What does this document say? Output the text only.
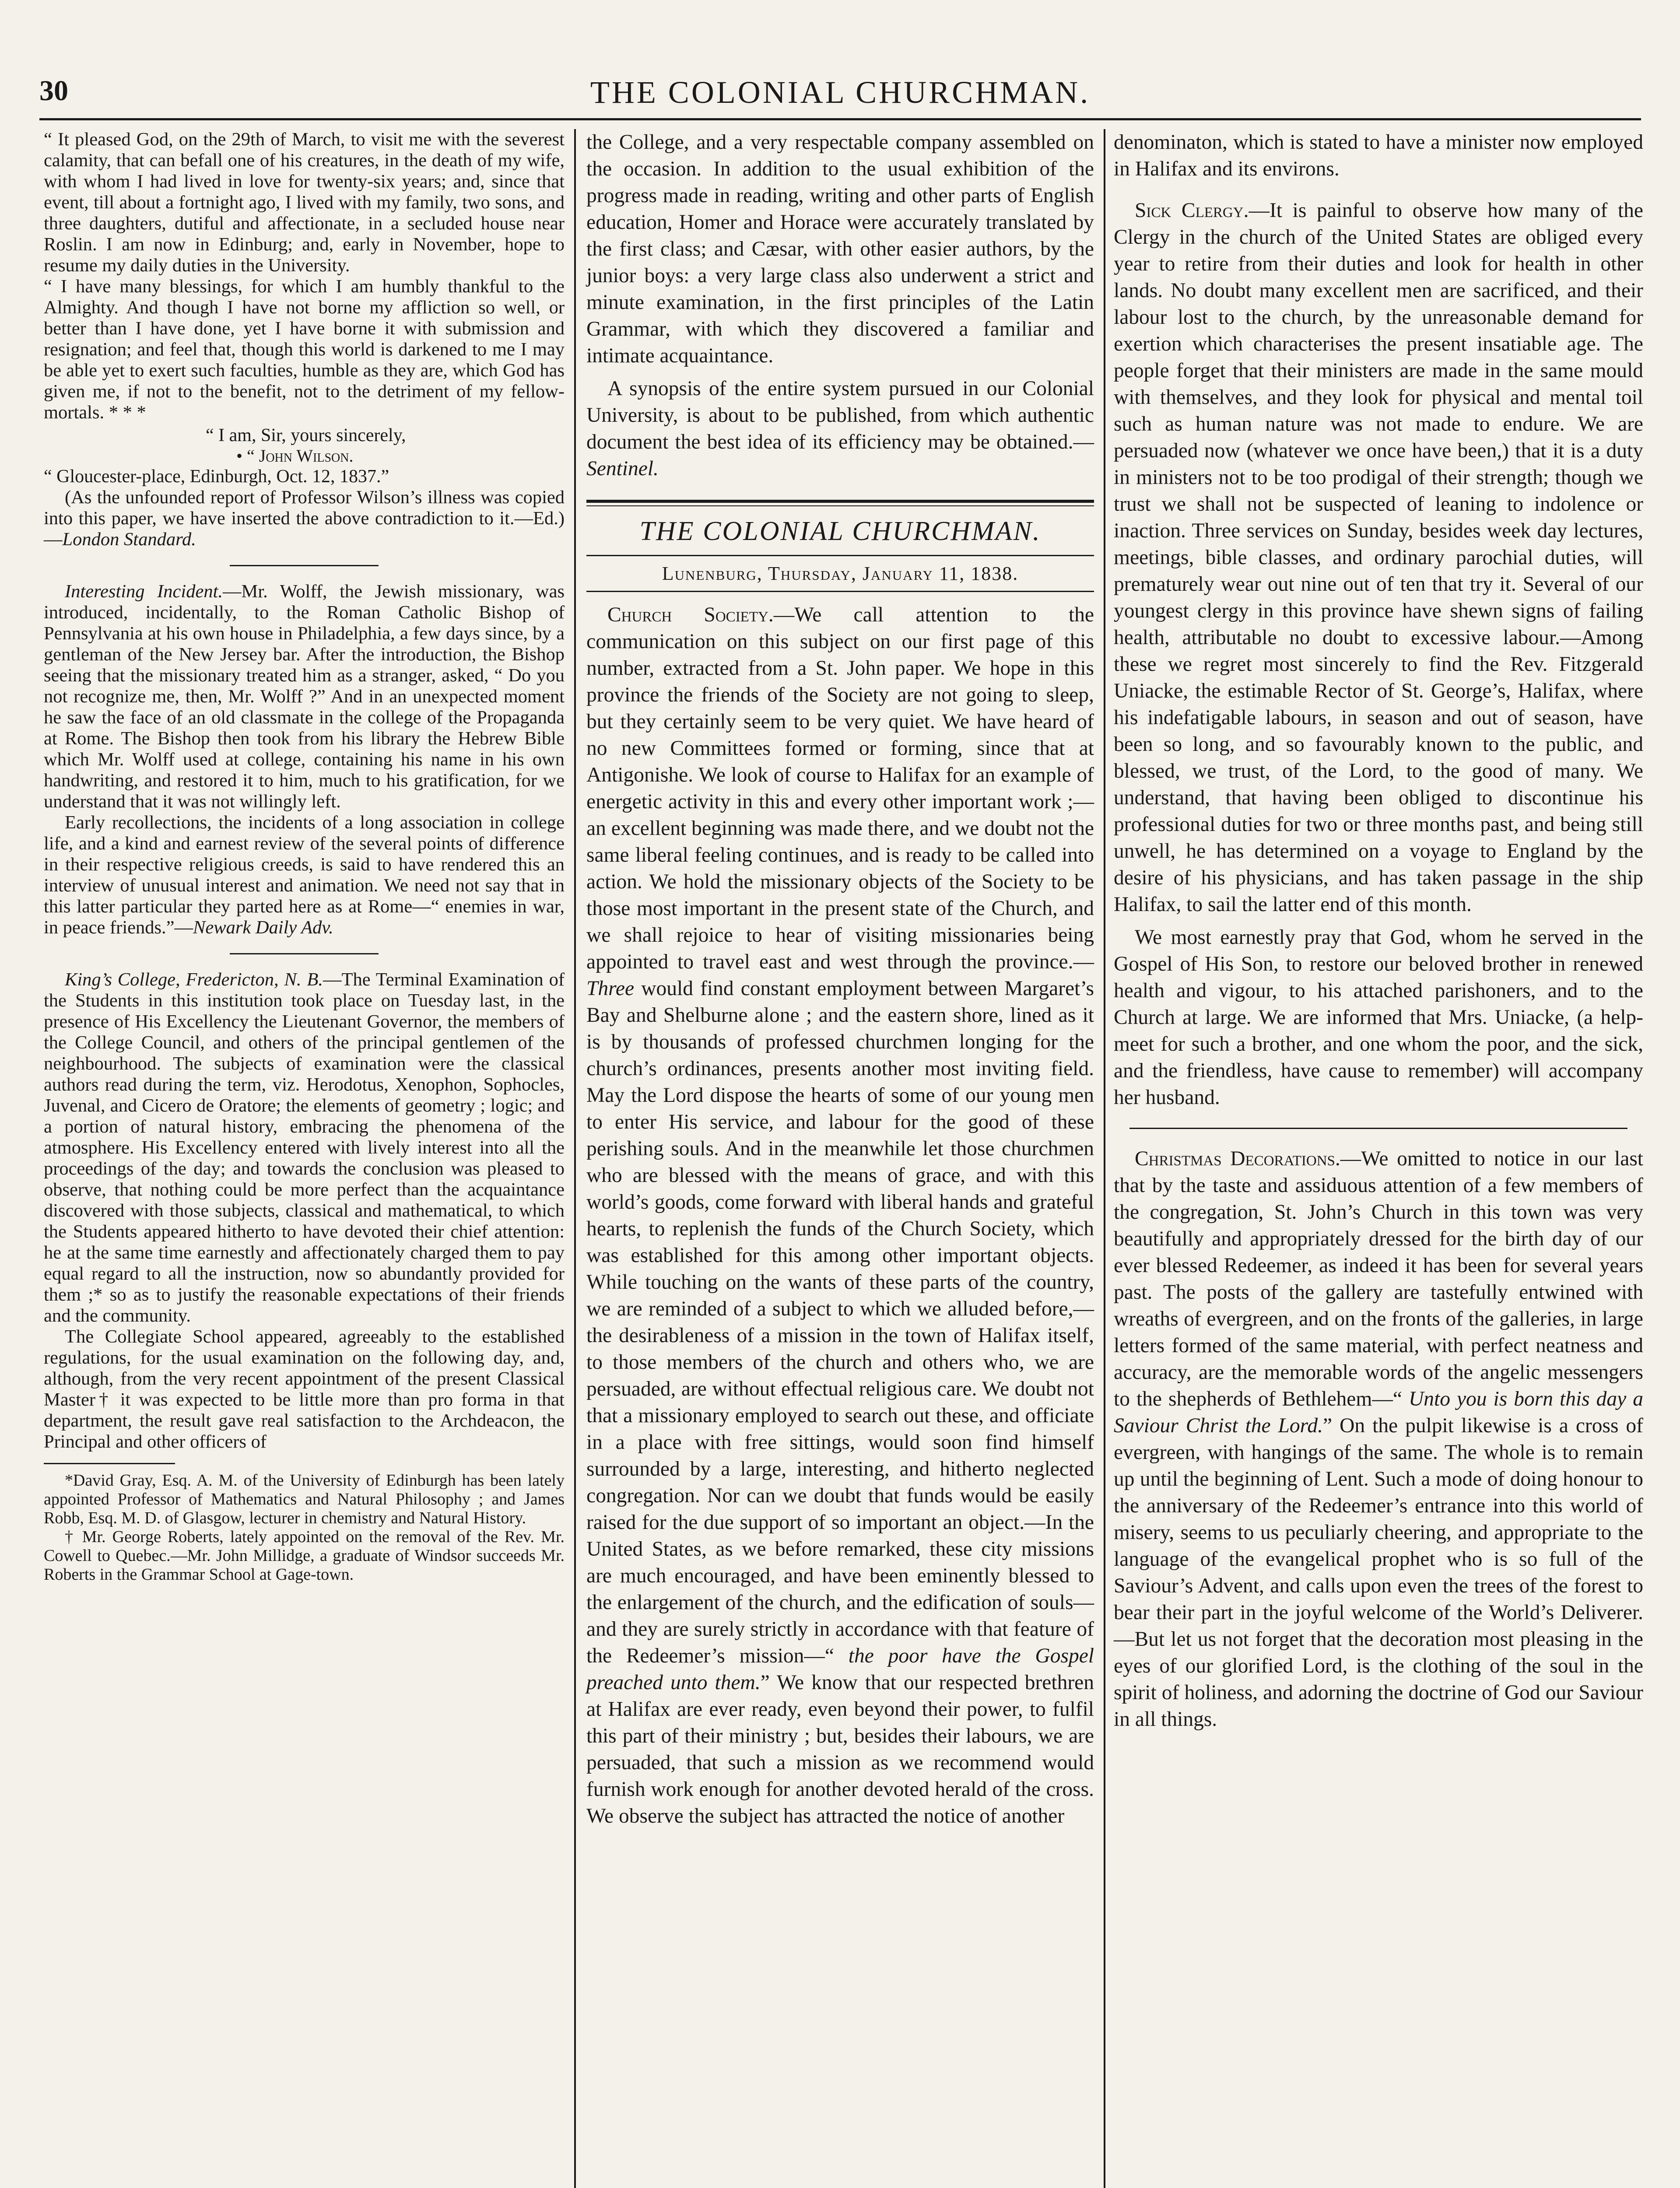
30	THE COLONIAL CHURCHMAN.

“ It pleased God, on the 29th of March, to visit me with the severest calamity, that can befall one of his creatures, in the death of my wife, with whom I had lived in love for twenty-six years; and, since that event, till about a fortnight ago, I lived with my family, two sons, and three daughters, dutiful and affectionate, in a secluded house near Roslin. I am now in Edinburg; and, early in November, hope to resume my daily duties in the University.

“ I have many blessings, for which I am humbly thankful to the Almighty. And though I have not borne my affliction so well, or better than I have done, yet I have borne it with submission and resignation; and feel that, though this world is darkened to me I may be able yet to exert such faculties, humble as they are, which God has given me, if not to the benefit, not to the detriment of my fellow-mortals. * * *

“ I am, Sir, yours sincerely,

• “ John Wilson.

“ Gloucester-place, Edinburgh, Oct. 12, 1837.”

(As the unfounded report of Professor Wilson’s illness was copied into this paper, we have inserted the above contradiction to it.—Ed.)—London Standard.

Interesting Incident.—Mr. Wolff, the Jewish missionary, was introduced, incidentally, to the Roman Catholic Bishop of Pennsylvania at his own house in Philadelphia, a few days since, by a gentleman of the New Jersey bar. After the introduction, the Bishop seeing that the missionary treated him as a stranger, asked, “ Do you not recognize me, then, Mr. Wolff ?” And in an unexpected moment he saw the face of an old classmate in the college of the Propaganda at Rome. The Bishop then took from his library the Hebrew Bible which Mr. Wolff used at college, containing his name in his own handwriting, and restored it to him, much to his gratification, for we understand that it was not willingly left.

Early recollections, the incidents of a long association in college life, and a kind and earnest review of the several points of difference in their respective religious creeds, is said to have rendered this an interview of unusual interest and animation. We need not say that in this latter particular they parted here as at Rome—“ enemies in war, in peace friends.”—Newark Daily Adv.

King’s College, Fredericton, N. B.—The Terminal Examination of the Students in this institution took place on Tuesday last, in the presence of His Excellency the Lieutenant Governor, the members of the College Council, and others of the principal gentlemen of the neighbourhood. The subjects of examination were the classical authors read during the term, viz. Herodotus, Xenophon, Sophocles, Juvenal, and Cicero de Oratore; the elements of geometry ; logic; and a portion of natural history, embracing the phenomena of the atmosphere. His Excellency entered with lively interest into all the proceedings of the day; and towards the conclusion was pleased to observe, that nothing could be more perfect than the acquaintance discovered with those subjects, classical and mathematical, to which the Students appeared hitherto to have devoted their chief attention: he at the same time earnestly and affectionately charged them to pay equal regard to all the instruction, now so abundantly provided for them ;* so as to justify the reasonable expectations of their friends and the community.

The Collegiate School appeared, agreeably to the established regulations, for the usual examination on the following day, and, although, from the very recent appointment of the present Classical Master† it was expected to be little more than pro forma in that department, the result gave real satisfaction to the Archdeacon, the Principal and other officers of

*David Gray, Esq. A. M. of the University of Edinburgh has been lately appointed Professor of Mathematics and Natural Philosophy ; and James Robb, Esq. M. D. of Glasgow, lecturer in chemistry and Natural History.

† Mr. George Roberts, lately appointed on the removal of the Rev. Mr. Cowell to Quebec.—Mr. John Millidge, a graduate of Windsor succeeds Mr. Roberts in the Grammar School at Gage-town.

the College, and a very respectable company assembled on the occasion. In addition to the usual exhibition of the progress made in reading, writing and other parts of English education, Homer and Horace were accurately translated by the first class; and Cæsar, with other easier authors, by the junior boys: a very large class also underwent a strict and minute examination, in the first principles of the Latin Grammar, with which they discovered a familiar and intimate acquaintance.

A synopsis of the entire system pursued in our Colonial University, is about to be published, from which authentic document the best idea of its efficiency may be obtained.—Sentinel.

THE COLONIAL CHURCHMAN.
Lunenburg, Thursday, January 11, 1838.

Church Society.—We call attention to the communication on this subject on our first page of this number, extracted from a St. John paper. We hope in this province the friends of the Society are not going to sleep, but they certainly seem to be very quiet. We have heard of no new Committees formed or forming, since that at Antigonishe. We look of course to Halifax for an example of energetic activity in this and every other important work ;—an excellent beginning was made there, and we doubt not the same liberal feeling continues, and is ready to be called into action. We hold the missionary objects of the Society to be those most important in the present state of the Church, and we shall rejoice to hear of visiting missionaries being appointed to travel east and west through the province.—Three would find constant employment between Margaret’s Bay and Shelburne alone ; and the eastern shore, lined as it is by thousands of professed churchmen longing for the church’s ordinances, presents another most inviting field. May the Lord dispose the hearts of some of our young men to enter His service, and labour for the good of these perishing souls. And in the meanwhile let those churchmen who are blessed with the means of grace, and with this world’s goods, come forward with liberal hands and grateful hearts, to replenish the funds of the Church Society, which was established for this among other important objects. While touching on the wants of these parts of the country, we are reminded of a subject to which we alluded before,—the desirableness of a mission in the town of Halifax itself, to those members of the church and others who, we are persuaded, are without effectual religious care. We doubt not that a missionary employed to search out these, and officiate in a place with free sittings, would soon find himself surrounded by a large, interesting, and hitherto neglected congregation. Nor can we doubt that funds would be easily raised for the due support of so important an object.—In the United States, as we before remarked, these city missions are much encouraged, and have been eminently blessed to the enlargement of the church, and the edification of souls—and they are surely strictly in accordance with that feature of the Redeemer’s mission—“ the poor have the Gospel preached unto them.” We know that our respected brethren at Halifax are ever ready, even beyond their power, to fulfil this part of their ministry ; but, besides their labours, we are persuaded, that such a mission as we recommend would furnish work enough for another devoted herald of the cross. We observe the subject has attracted the notice of another

denominaton, which is stated to have a minister now employed in Halifax and its environs.

Sick Clergy.—It is painful to observe how many of the Clergy in the church of the United States are obliged every year to retire from their duties and look for health in other lands. No doubt many excellent men are sacrificed, and their labour lost to the church, by the unreasonable demand for exertion which characterises the present insatiable age. The people forget that their ministers are made in the same mould with themselves, and they look for physical and mental toil such as human nature was not made to endure. We are persuaded now (whatever we once have been,) that it is a duty in ministers not to be too prodigal of their strength; though we trust we shall not be suspected of leaning to indolence or inaction. Three services on Sunday, besides week day lectures, meetings, bible classes, and ordinary parochial duties, will prematurely wear out nine out of ten that try it. Several of our youngest clergy in this province have shewn signs of failing health, attributable no doubt to excessive labour.—Among these we regret most sincerely to find the Rev. Fitzgerald Uniacke, the estimable Rector of St. George’s, Halifax, where his indefatigable labours, in season and out of season, have been so long, and so favourably known to the public, and blessed, we trust, of the Lord, to the good of many. We understand, that having been obliged to discontinue his professional duties for two or three months past, and being still unwell, he has determined on a voyage to England by the desire of his physicians, and has taken passage in the ship Halifax, to sail the latter end of this month.

We most earnestly pray that God, whom he served in the Gospel of His Son, to restore our beloved brother in renewed health and vigour, to his attached parishoners, and to the Church at large. We are informed that Mrs. Uniacke, (a help-meet for such a brother, and one whom the poor, and the sick, and the friendless, have cause to remember) will accompany her husband.

Christmas Decorations.—We omitted to notice in our last that by the taste and assiduous attention of a few members of the congregation, St. John’s Church in this town was very beautifully and appropriately dressed for the birth day of our ever blessed Redeemer, as indeed it has been for several years past. The posts of the gallery are tastefully entwined with wreaths of evergreen, and on the fronts of the galleries, in large letters formed of the same material, with perfect neatness and accuracy, are the memorable words of the angelic messengers to the shepherds of Bethlehem—“ Unto you is born this day a Saviour Christ the Lord.” On the pulpit likewise is a cross of evergreen, with hangings of the same. The whole is to remain up until the beginning of Lent. Such a mode of doing honour to the anniversary of the Redeemer’s entrance into this world of misery, seems to us peculiarly cheering, and appropriate to the language of the evangelical prophet who is so full of the Saviour’s Advent, and calls upon even the trees of the forest to bear their part in the joyful welcome of the World’s Deliverer.—But let us not forget that the decoration most pleasing in the eyes of our glorified Lord, is the clothing of the soul in the spirit of holiness, and adorning the doctrine of God our Saviour in all things.
